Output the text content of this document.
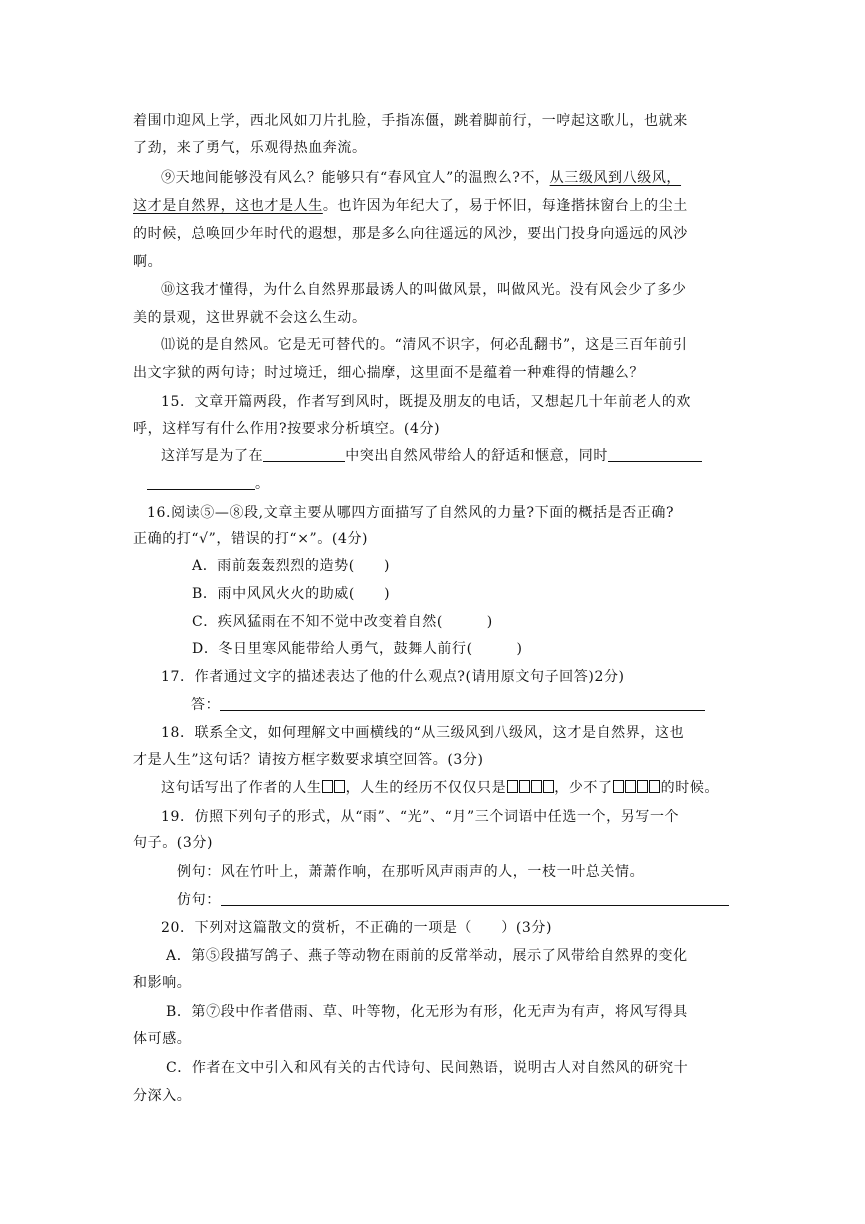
着围巾迎风上学，西北风如刀片扎脸，手指冻僵，跳着脚前行，一哼起这歌儿，也就来
了劲，来了勇气，乐观得热血奔流。
⑨天地间能够没有风么？能够只有“春风宜人”的温煦么?不，从三级风到八级风，
这才是自然界，这也才是人生。也许因为年纪大了，易于怀旧，每逢揩抹窗台上的尘土
的时候，总唤回少年时代的遐想，那是多么向往遥远的风沙，要出门投身向遥远的风沙
啊。
⑩这我才懂得，为什么自然界那最诱人的叫做风景，叫做风光。没有风会少了多少
美的景观，这世界就不会这么生动。
⑾说的是自然风。它是无可替代的。“清风不识字，何必乱翻书”，这是三百年前引
出文字狱的两句诗；时过境迁，细心揣摩，这里面不是蕴着一种难得的情趣么？
15．文章开篇两段，作者写到风时，既提及朋友的电话，又想起几十年前老人的欢
呼，这样写有什么作用?按要求分析填空。(4分)
这洋写是为了在	中突出自然风带给人的舒适和惬意，同时
。
16.阅读⑤—⑧段,文章主要从哪四方面描写了自然风的力量?下面的概括是否正确?
正确的打“√”，错误的打“×”。(4分)
A．雨前轰轰烈烈的造势(　　)
B．雨中风风火火的助威(　　)
C．疾风猛雨在不知不觉中改变着自然(　　　)
D．冬日里寒风能带给人勇气，鼓舞人前行(　　　)
17．作者通过文字的描述表达了他的什么观点?(请用原文句子回答)2分)
答：
18．联系全文，如何理解文中画横线的“从三级风到八级风，这才是自然界，这也
才是人生”这句话？请按方框字数要求填空回答。(3分)
这句话写出了作者的人生 ，人生的经历不仅仅只是	，少不了	的时候。
19．仿照下列句子的形式，从“雨”、“光”、“月”三个词语中任选一个，另写一个
句子。(3分)
例句：风在竹叶上，萧萧作响，在那听风声雨声的人，一枝一叶总关情。
仿句：
20．下列对这篇散文的赏析，不正确的一项是（　　）(3分)
A．第⑤段描写鸽子、燕子等动物在雨前的反常举动，展示了风带给自然界的变化
和影响。
B．第⑦段中作者借雨、草、叶等物，化无形为有形，化无声为有声，将风写得具
体可感。
C．作者在文中引入和风有关的古代诗句、民间熟语，说明古人对自然风的研究十
分深入。
